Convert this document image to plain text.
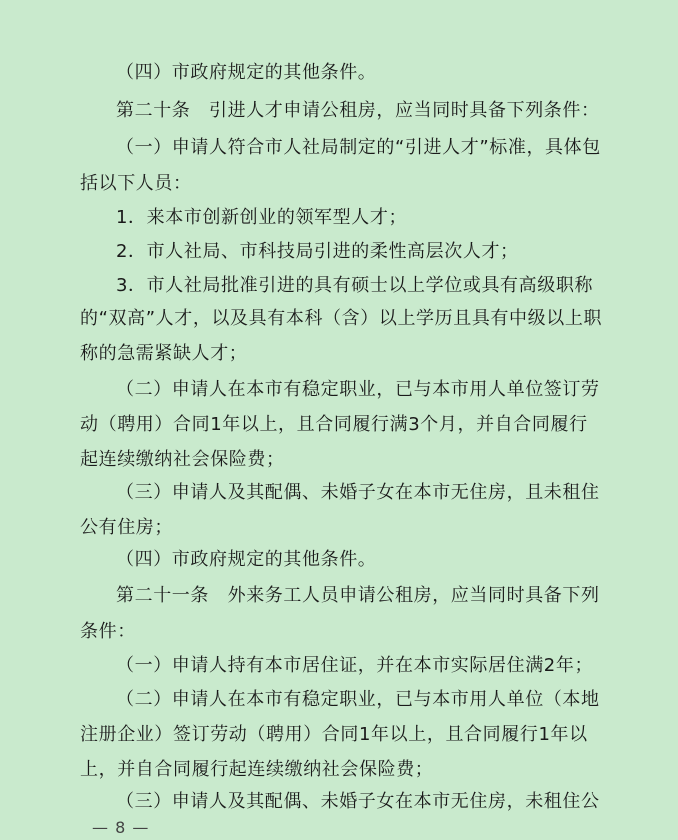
（四）市政府规定的其他条件。
第二十条　引进人才申请公租房，应当同时具备下列条件：
（一）申请人符合市人社局制定的“引进人才”标准，具体包
括以下人员：
1．来本市创新创业的领军型人才；
2．市人社局、市科技局引进的柔性高层次人才；
3．市人社局批准引进的具有硕士以上学位或具有高级职称
的“双高”人才，以及具有本科（含）以上学历且具有中级以上职
称的急需紧缺人才；
（二）申请人在本市有稳定职业，已与本市用人单位签订劳
动（聘用）合同1年以上，且合同履行满3个月，并自合同履行
起连续缴纳社会保险费；
（三）申请人及其配偶、未婚子女在本市无住房，且未租住
公有住房；
（四）市政府规定的其他条件。
第二十一条　外来务工人员申请公租房，应当同时具备下列
条件：
（一）申请人持有本市居住证，并在本市实际居住满2年；
（二）申请人在本市有稳定职业，已与本市用人单位（本地
注册企业）签订劳动（聘用）合同1年以上，且合同履行1年以
上，并自合同履行起连续缴纳社会保险费；
（三）申请人及其配偶、未婚子女在本市无住房，未租住公
— 8 —
